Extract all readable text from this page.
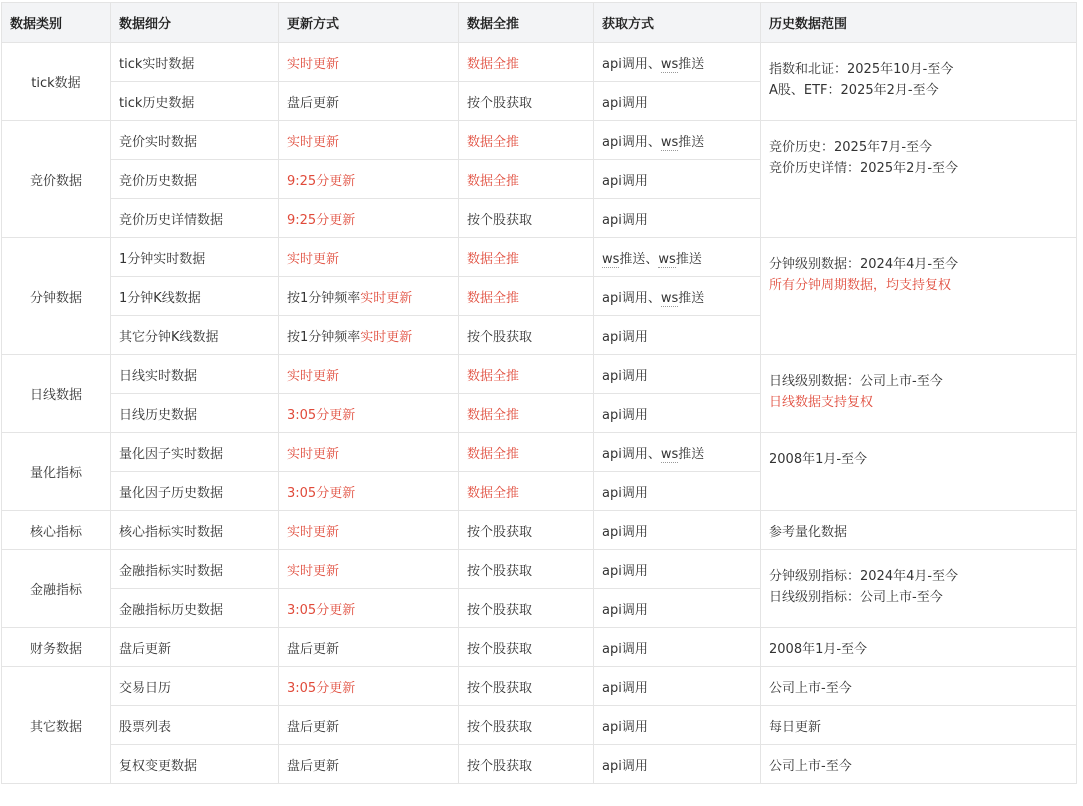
数据类别	数据细分	更新方式	数据全推	获取方式	历史数据范围
tick数据	tick实时数据	实时更新	数据全推	api调用、ws推送	指数和北证：2025年10月-至今
A股、ETF：2025年2月-至今

	tick历史数据	盘后更新	按个股获取	api调用	
竞价数据	竞价实时数据	实时更新	数据全推	api调用、ws推送	竞价历史：2025年7月-至今
竞价历史详情：2025年2月-至今

	竞价历史数据	9:25分更新	数据全推	api调用	
	竞价历史详情数据	9:25分更新	按个股获取	api调用	
分钟数据	1分钟实时数据	实时更新	数据全推	ws推送、ws推送	分钟级别数据：2024年4月-至今
所有分钟周期数据，均支持复权

	1分钟K线数据	按1分钟频率实时更新	数据全推	api调用、ws推送	
	其它分钟K线数据	按1分钟频率实时更新	按个股获取	api调用	
日线数据	日线实时数据	实时更新	数据全推	api调用	日线级别数据：公司上市-至今
日线数据支持复权

	日线历史数据	3:05分更新	数据全推	api调用	
量化指标	量化因子实时数据	实时更新	数据全推	api调用、ws推送	2008年1月-至今

	量化因子历史数据	3:05分更新	数据全推	api调用	
核心指标	核心指标实时数据	实时更新	按个股获取	api调用	参考量化数据
金融指标	金融指标实时数据	实时更新	按个股获取	api调用	分钟级别指标：2024年4月-至今
日线级别指标：公司上市-至今

	金融指标历史数据	3:05分更新	按个股获取	api调用	
财务数据	盘后更新	盘后更新	按个股获取	api调用	2008年1月-至今
其它数据	交易日历	3:05分更新	按个股获取	api调用	公司上市-至今
	股票列表	盘后更新	按个股获取	api调用	每日更新
	复权变更数据	盘后更新	按个股获取	api调用	公司上市-至今
